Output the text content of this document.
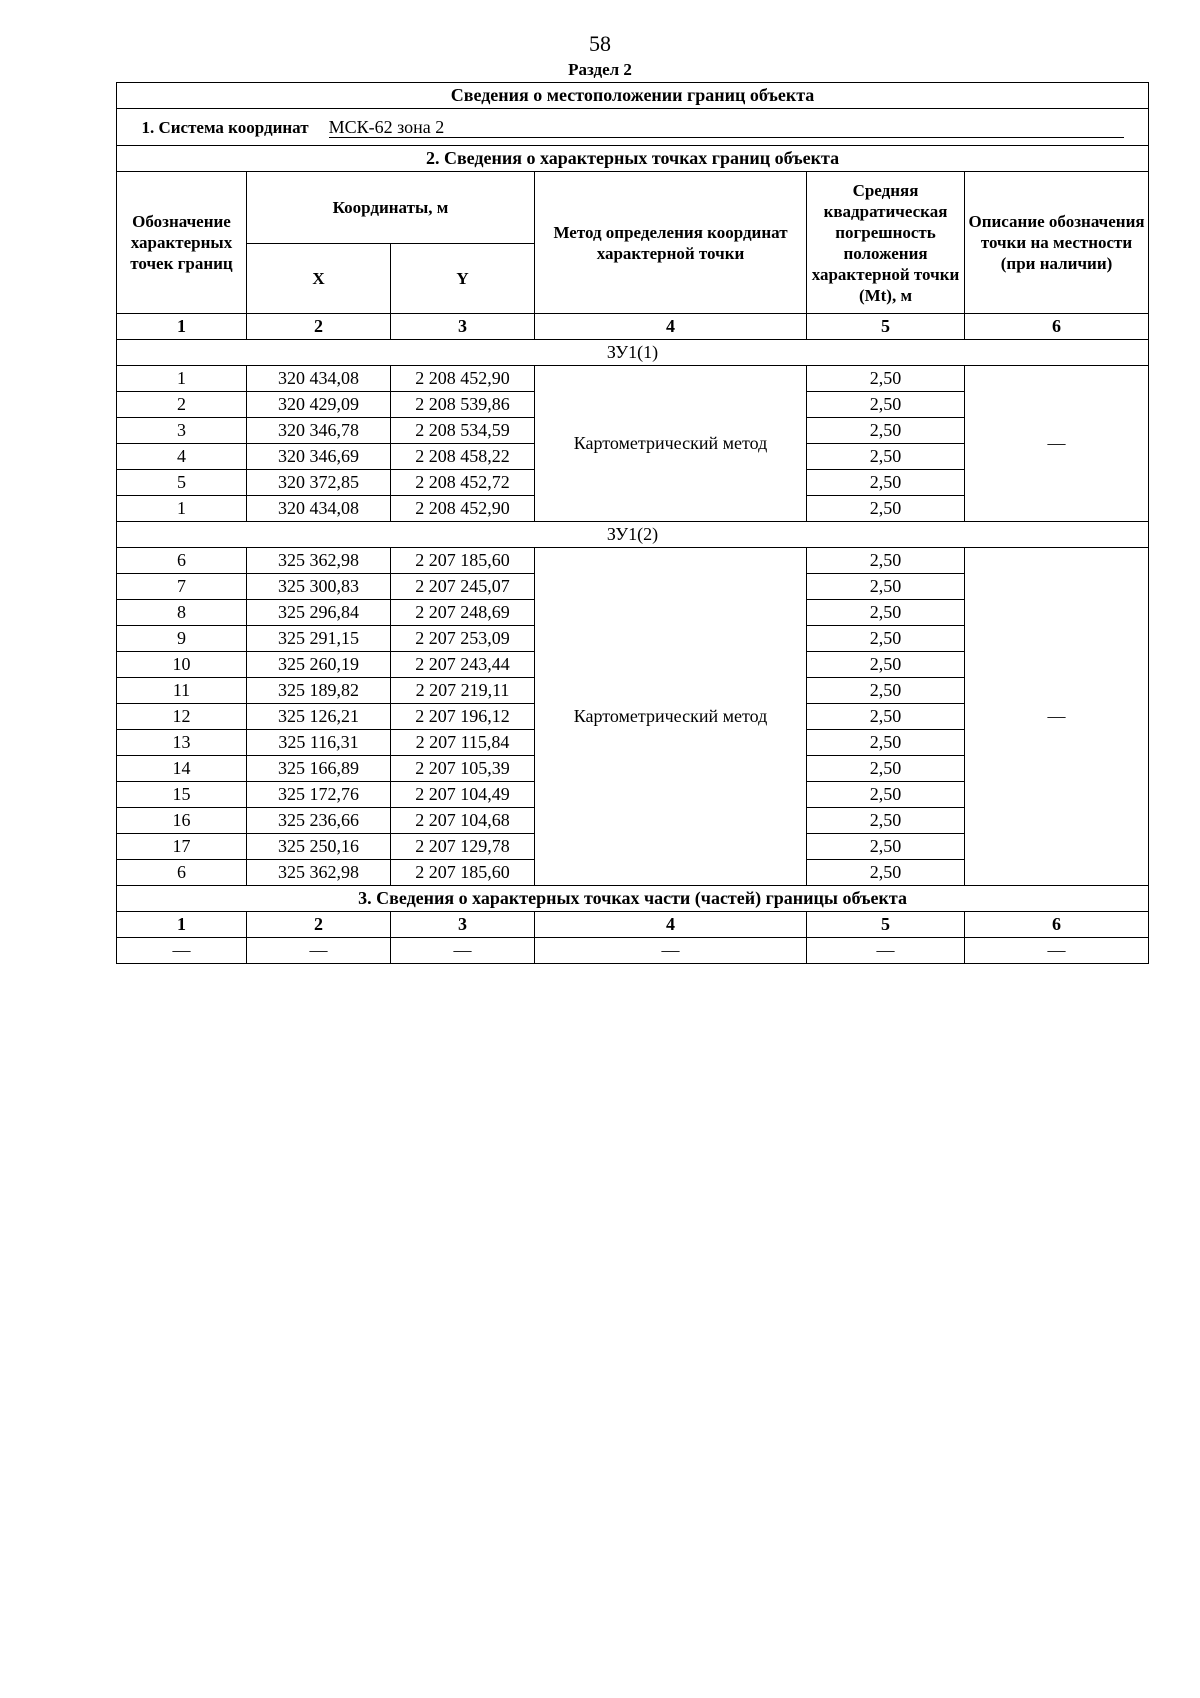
58
Раздел 2
Сведения о местоположении границ объекта					
1. Система координат МСК-62 зона 2					
2. Сведения о характерных точках границ объекта					
Обозначение характерных точек границ	Координаты, м		Метод определения координат характерной точки	Средняя квадратическая погрешность положения характерной точки (Mt), м	Описание обозначения точки на местности (при наличии)
	X	Y			
1	2	3	4	5	6
ЗУ1(1)					
1	320 434,08	2 208 452,90	Картометрический метод	2,50	—
2	320 429,09	2 208 539,86		2,50	
3	320 346,78	2 208 534,59		2,50	
4	320 346,69	2 208 458,22		2,50	
5	320 372,85	2 208 452,72		2,50	
1	320 434,08	2 208 452,90		2,50	
ЗУ1(2)					
6	325 362,98	2 207 185,60	Картометрический метод	2,50	—
7	325 300,83	2 207 245,07		2,50	
8	325 296,84	2 207 248,69		2,50	
9	325 291,15	2 207 253,09		2,50	
10	325 260,19	2 207 243,44		2,50	
11	325 189,82	2 207 219,11		2,50	
12	325 126,21	2 207 196,12		2,50	
13	325 116,31	2 207 115,84		2,50	
14	325 166,89	2 207 105,39		2,50	
15	325 172,76	2 207 104,49		2,50	
16	325 236,66	2 207 104,68		2,50	
17	325 250,16	2 207 129,78		2,50	
6	325 362,98	2 207 185,60		2,50	
3. Сведения о характерных точках части (частей) границы объекта					
1	2	3	4	5	6
—	—	—	—	—	—
